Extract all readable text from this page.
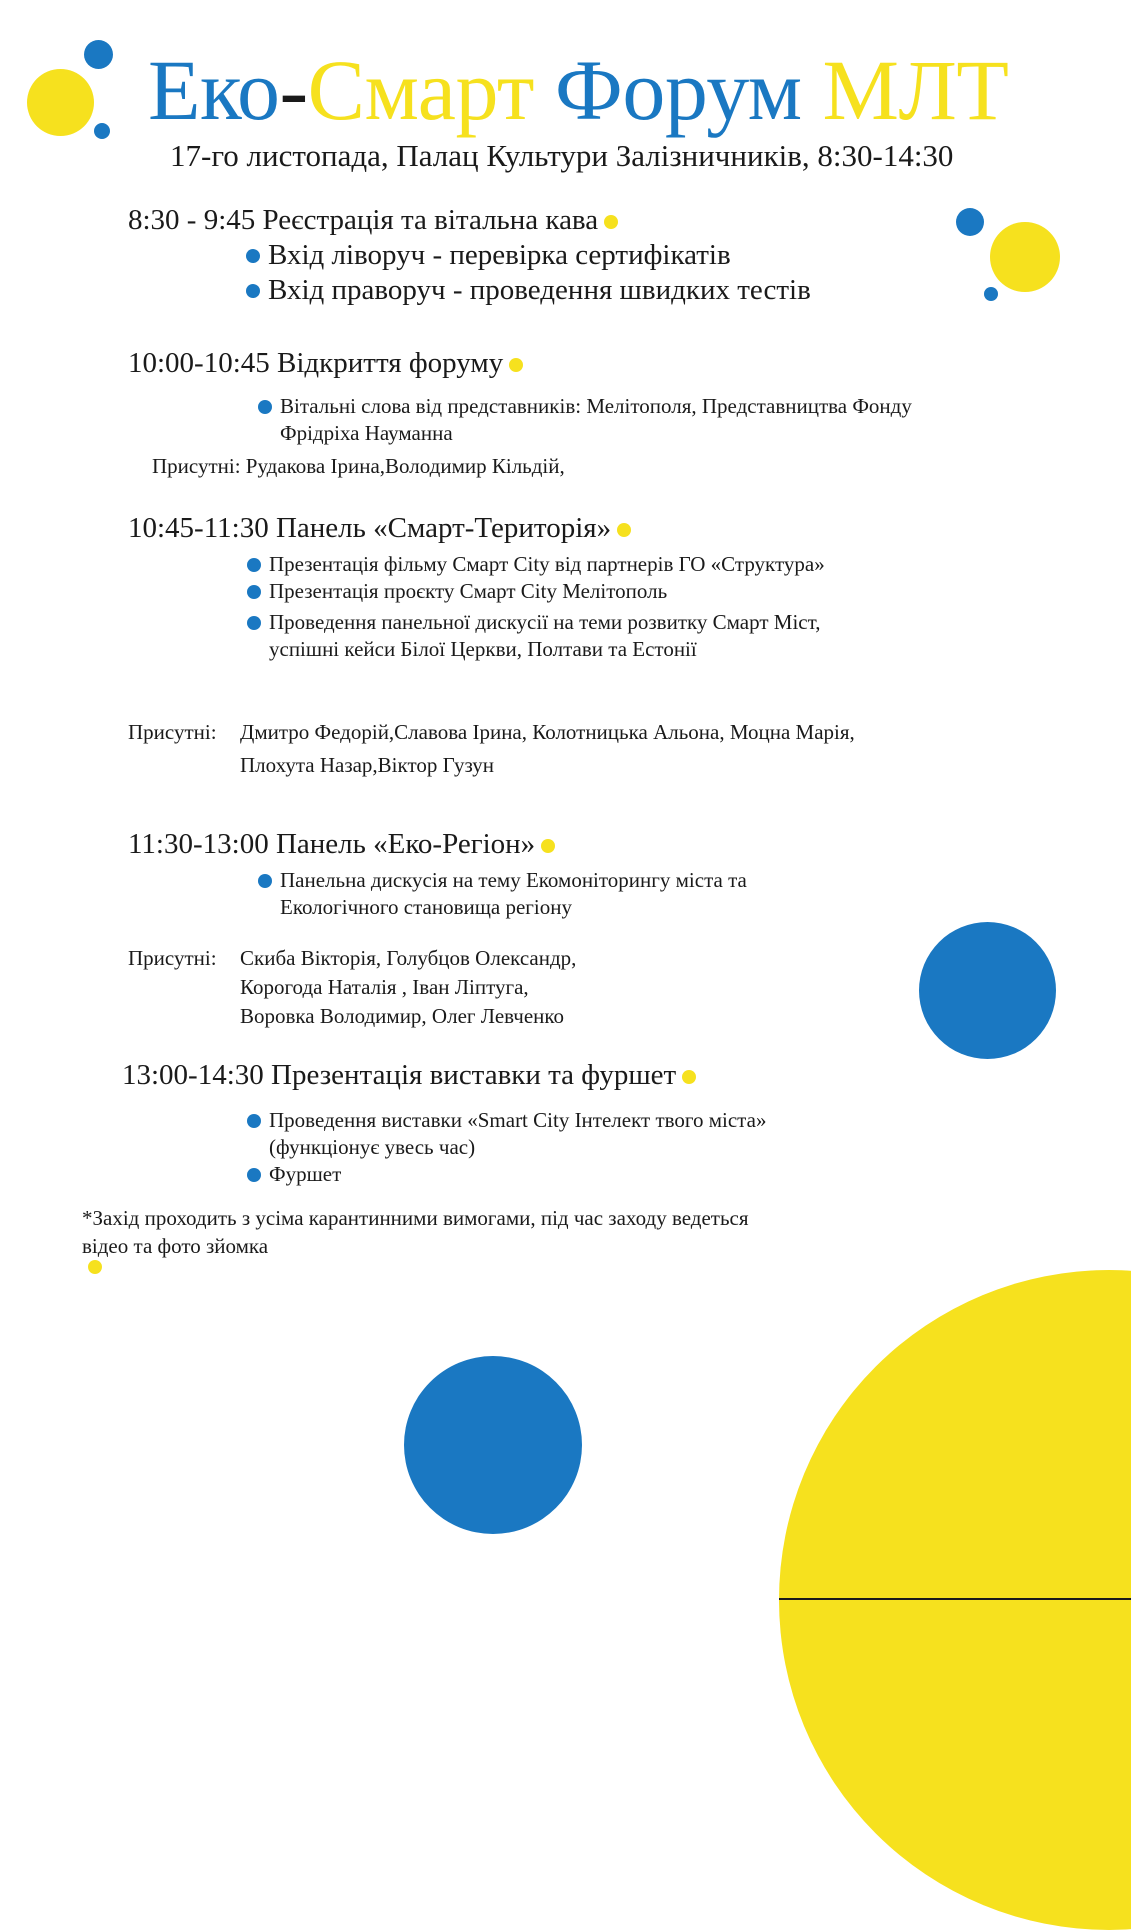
Еко-Смарт Форум МЛТ
17-го листопада, Палац Культури Залізничників, 8:30-14:30
8:30 - 9:45 Реєстрація та вітальна кава
Вхід ліворуч - перевірка сертифікатів
Вхід праворуч - проведення швидких тестів
10:00-10:45 Відкриття форуму
Вітальні слова від представників: Мелітополя, Представництва Фонду
Фрідріха Науманна
Присутні: Рудакова Ірина,Володимир Кільдій,
10:45-11:30 Панель «Смарт-Територія»
Презентація фільму Смарт City від партнерів ГО «Структура»
Презентація проєкту Смарт City Мелітополь
Проведення панельної дискусії на теми розвитку Смарт Міст,
успішні кейси Білої Церкви, Полтави та Естонії
Присутні: Дмитро Федорій,Славова Ірина, Колотницька Альона, Моцна Марія,
Плохута Назар,Віктор Гузун
11:30-13:00 Панель «Еко-Регіон»
Панельна дискусія на тему Екомоніторингу міста та
Екологічного становища регіону
Присутні: Скиба Вікторія, Голубцов Олександр,
Корогода Наталія , Іван Ліптуга,
Воровка Володимир, Олег Левченко
13:00-14:30 Презентація виставки та фуршет
Проведення виставки «Smart City Інтелект твого міста»
(функціонує увесь час)
Фуршет
*Захід проходить з усіма карантинними вимогами, під час заходу ведеться
відео та фото зйомка
